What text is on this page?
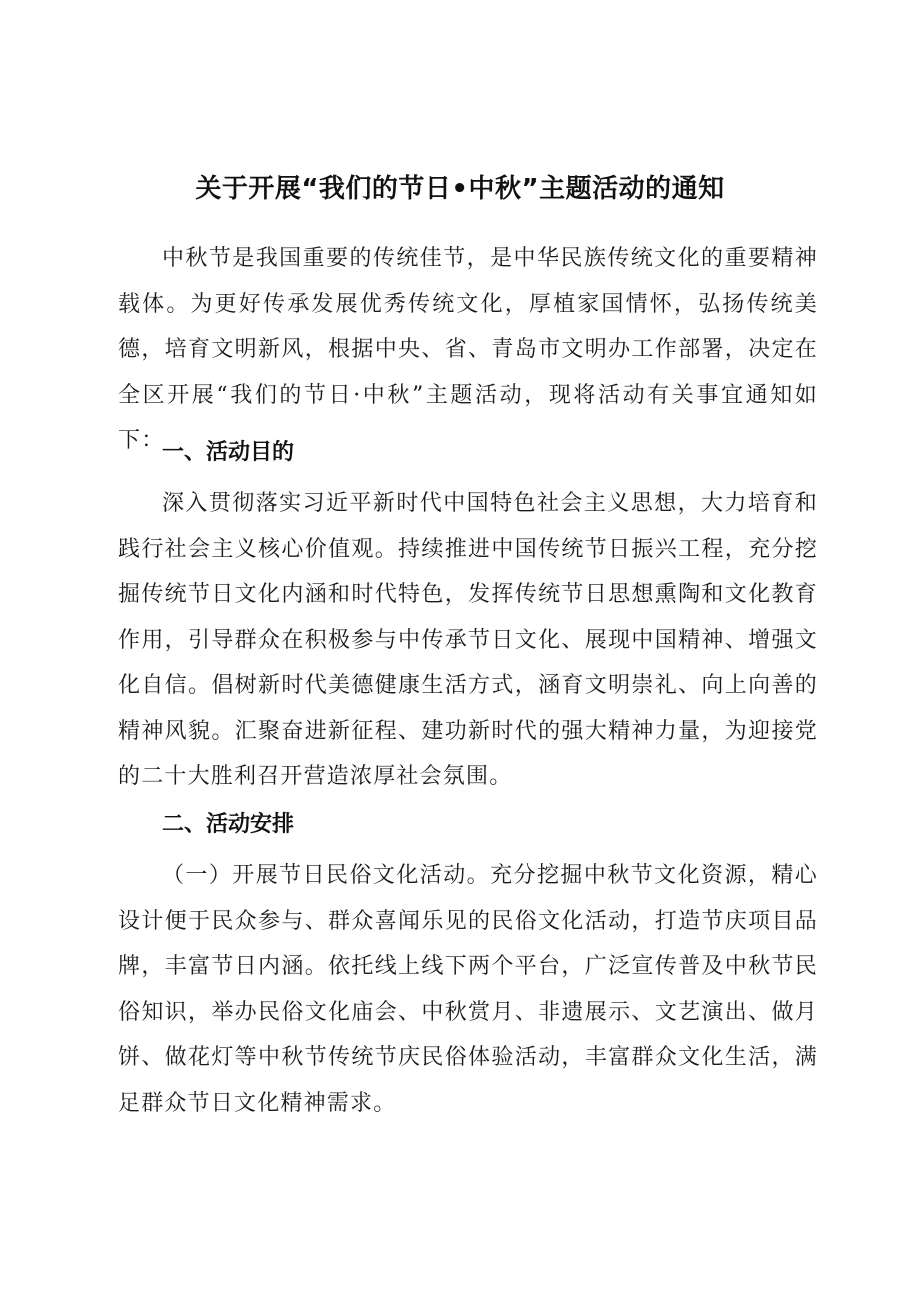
关于开展“我们的节日•中秋”主题活动的通知

中秋节是我国重要的传统佳节，是中华民族传统文化的重要精神载体。为更好传承发展优秀传统文化，厚植家国情怀，弘扬传统美德，培育文明新风，根据中央、省、青岛市文明办工作部署，决定在全区开展“我们的节日·中秋”主题活动，现将活动有关事宜通知如下：

一、活动目的

深入贯彻落实习近平新时代中国特色社会主义思想，大力培育和践行社会主义核心价值观。持续推进中国传统节日振兴工程，充分挖掘传统节日文化内涵和时代特色，发挥传统节日思想熏陶和文化教育作用，引导群众在积极参与中传承节日文化、展现中国精神、增强文化自信。倡树新时代美德健康生活方式，涵育文明崇礼、向上向善的精神风貌。汇聚奋进新征程、建功新时代的强大精神力量，为迎接党的二十大胜利召开营造浓厚社会氛围。

二、活动安排

（一）开展节日民俗文化活动。充分挖掘中秋节文化资源，精心设计便于民众参与、群众喜闻乐见的民俗文化活动，打造节庆项目品牌，丰富节日内涵。依托线上线下两个平台，广泛宣传普及中秋节民俗知识，举办民俗文化庙会、中秋赏月、非遗展示、文艺演出、做月饼、做花灯等中秋节传统节庆民俗体验活动，丰富群众文化生活，满足群众节日文化精神需求。
